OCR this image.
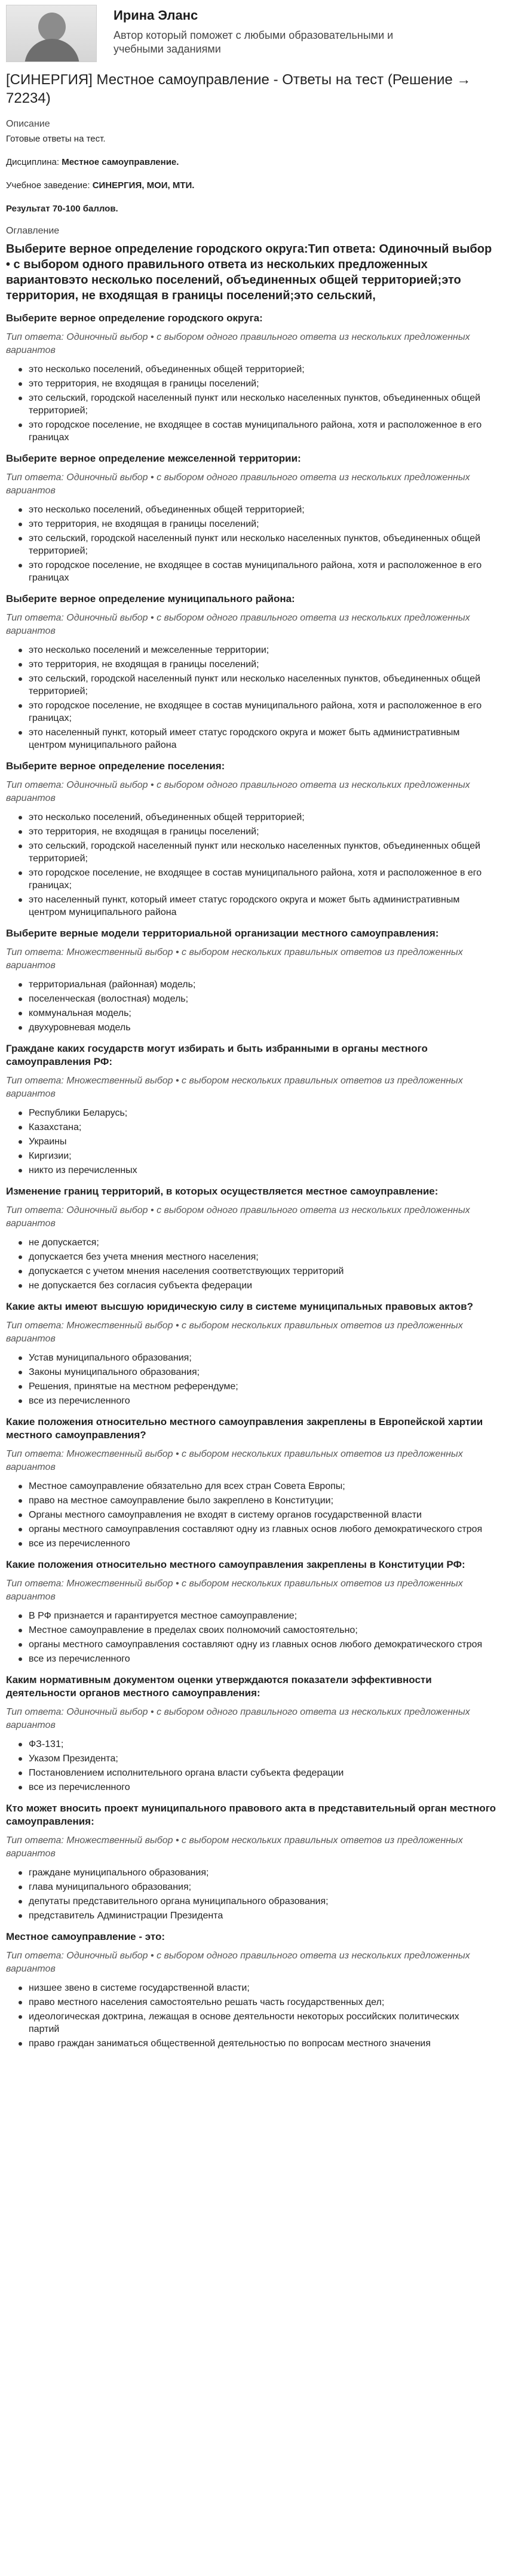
Ирина Эланс
Автор который поможет с любыми образовательными и учебными заданиями
[СИНЕРГИЯ] Местное самоуправление - Ответы на тест (Решение → 72234)
Описание
Готовые ответы на тест.
Дисциплина: Местное самоуправление.
Учебное заведение: СИНЕРГИЯ, МОИ, МТИ.
Результат 70-100 баллов.
Оглавление
Выберите верное определение городского округа:Тип ответа: Одиночный выбор • с выбором одного правильного ответа из нескольких предложенных вариантовэто несколько поселений, объединенных общей территорией;это территория, не входящая в границы поселений;это сельский,
Выберите верное определение городского округа:
Тип ответа: Одиночный выбор • с выбором одного правильного ответа из нескольких предложенных вариантов
это несколько поселений, объединенных общей территорией;
это территория, не входящая в границы поселений;
это сельский, городской населенный пункт или несколько населенных пунктов, объединенных общей территорией;
это городское поселение, не входящее в состав муниципального района, хотя и расположенное в его границах
Выберите верное определение межселенной территории:
Тип ответа: Одиночный выбор • с выбором одного правильного ответа из нескольких предложенных вариантов
это несколько поселений, объединенных общей территорией;
это территория, не входящая в границы поселений;
это сельский, городской населенный пункт или несколько населенных пунктов, объединенных общей территорией;
это городское поселение, не входящее в состав муниципального района, хотя и расположенное в его границах
Выберите верное определение муниципального района:
Тип ответа: Одиночный выбор • с выбором одного правильного ответа из нескольких предложенных вариантов
это несколько поселений и межселенные территории;
это территория, не входящая в границы поселений;
это сельский, городской населенный пункт или несколько населенных пунктов, объединенных общей территорией;
это городское поселение, не входящее в состав муниципального района, хотя и расположенное в его границах;
это населенный пункт, который имеет статус городского округа и может быть административным центром муниципального района
Выберите верное определение поселения:
Тип ответа: Одиночный выбор • с выбором одного правильного ответа из нескольких предложенных вариантов
это несколько поселений, объединенных общей территорией;
это территория, не входящая в границы поселений;
это сельский, городской населенный пункт или несколько населенных пунктов, объединенных общей территорией;
это городское поселение, не входящее в состав муниципального района, хотя и расположенное в его границах;
это населенный пункт, который имеет статус городского округа и может быть административным центром муниципального района
Выберите верные модели территориальной организации местного самоуправления:
Тип ответа: Множественный выбор • с выбором нескольких правильных ответов из предложенных вариантов
территориальная (районная) модель;
поселенческая (волостная) модель;
коммунальная модель;
двухуровневая модель
Граждане каких государств могут избирать и быть избранными в органы местного самоуправления РФ:
Тип ответа: Множественный выбор • с выбором нескольких правильных ответов из предложенных вариантов
Республики Беларусь;
Казахстана;
Украины
Киргизии;
никто из перечисленных
Изменение границ территорий, в которых осуществляется местное самоуправление:
Тип ответа: Одиночный выбор • с выбором одного правильного ответа из нескольких предложенных вариантов
не допускается;
допускается без учета мнения местного населения;
допускается с учетом мнения населения соответствующих территорий
не допускается без согласия субъекта федерации
Какие акты имеют высшую юридическую силу в системе муниципальных правовых актов?
Тип ответа: Множественный выбор • с выбором нескольких правильных ответов из предложенных вариантов
Устав муниципального образования;
Законы муниципального образования;
Решения, принятые на местном референдуме;
все из перечисленного
Какие положения относительно местного самоуправления закреплены в Европейской хартии местного самоуправления?
Тип ответа: Множественный выбор • с выбором нескольких правильных ответов из предложенных вариантов
Местное самоуправление обязательно для всех стран Совета Европы;
право на местное самоуправление было закреплено в Конституции;
Органы местного самоуправления не входят в систему органов государственной власти
органы местного самоуправления составляют одну из главных основ любого демократического строя
все из перечисленного
Какие положения относительно местного самоуправления закреплены в Конституции РФ:
Тип ответа: Множественный выбор • с выбором нескольких правильных ответов из предложенных вариантов
В РФ признается и гарантируется местное самоуправление;
Местное самоуправление в пределах своих полномочий самостоятельно;
органы местного самоуправления составляют одну из главных основ любого демократического строя
все из перечисленного
Каким нормативным документом оценки утверждаются показатели эффективности деятельности органов местного самоуправления:
Тип ответа: Одиночный выбор • с выбором одного правильного ответа из нескольких предложенных вариантов
ФЗ-131;
Указом Президента;
Постановлением исполнительного органа власти субъекта федерации
все из перечисленного
Кто может вносить проект муниципального правового акта в представительный орган местного самоуправления:
Тип ответа: Множественный выбор • с выбором нескольких правильных ответов из предложенных вариантов
граждане муниципального образования;
глава муниципального образования;
депутаты представительного органа муниципального образования;
представитель Администрации Президента
Местное самоуправление - это:
Тип ответа: Одиночный выбор • с выбором одного правильного ответа из нескольких предложенных вариантов
низшее звено в системе государственной власти;
право местного населения самостоятельно решать часть государственных дел;
идеологическая доктрина, лежащая в основе деятельности некоторых российских политических партий
право граждан заниматься общественной деятельностью по вопросам местного значения
